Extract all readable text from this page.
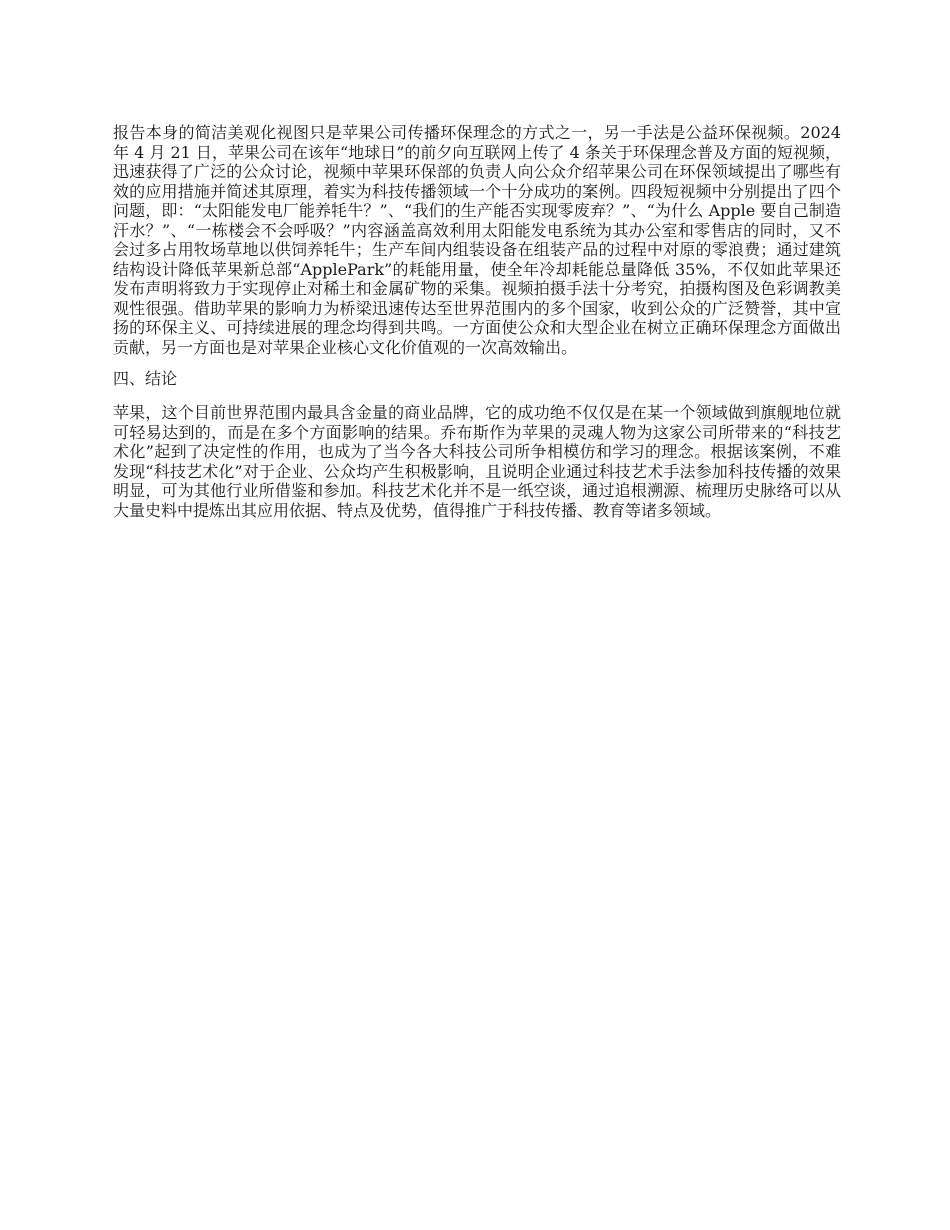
报告本身的简洁美观化视图只是苹果公司传播环保理念的方式之一，另一手法是公益环保视频。2024 年 4 月 21 日，苹果公司在该年“地球日”的前夕向互联网上传了 4 条关于环保理念普及方面的短视频，迅速获得了广泛的公众讨论，视频中苹果环保部的负责人向公众介绍苹果公司在环保领域提出了哪些有效的应用措施并简述其原理，着实为科技传播领域一个十分成功的案例。四段短视频中分别提出了四个问题，即：“太阳能发电厂能养牦牛？”、“我们的生产能否实现零废弃？”、“为什么 Apple 要自己制造汗水？”、“一栋楼会不会呼吸？”内容涵盖高效利用太阳能发电系统为其办公室和零售店的同时，又不会过多占用牧场草地以供饲养牦牛；生产车间内组装设备在组装产品的过程中对原的零浪费；通过建筑结构设计降低苹果新总部“ApplePark”的耗能用量，使全年冷却耗能总量降低 35%，不仅如此苹果还发布声明将致力于实现停止对稀土和金属矿物的采集。视频拍摄手法十分考究，拍摄构图及色彩调教美观性很强。借助苹果的影响力为桥梁迅速传达至世界范围内的多个国家，收到公众的广泛赞誉，其中宣扬的环保主义、可持续进展的理念均得到共鸣。一方面使公众和大型企业在树立正确环保理念方面做出贡献，另一方面也是对苹果企业核心文化价值观的一次高效输出。

四、结论

苹果，这个目前世界范围内最具含金量的商业品牌，它的成功绝不仅仅是在某一个领域做到旗舰地位就可轻易达到的，而是在多个方面影响的结果。乔布斯作为苹果的灵魂人物为这家公司所带来的“科技艺术化”起到了决定性的作用，也成为了当今各大科技公司所争相模仿和学习的理念。根据该案例，不难发现“科技艺术化”对于企业、公众均产生积极影响，且说明企业通过科技艺术手法参加科技传播的效果明显，可为其他行业所借鉴和参加。科技艺术化并不是一纸空谈，通过追根溯源、梳理历史脉络可以从大量史料中提炼出其应用依据、特点及优势，值得推广于科技传播、教育等诸多领域。
